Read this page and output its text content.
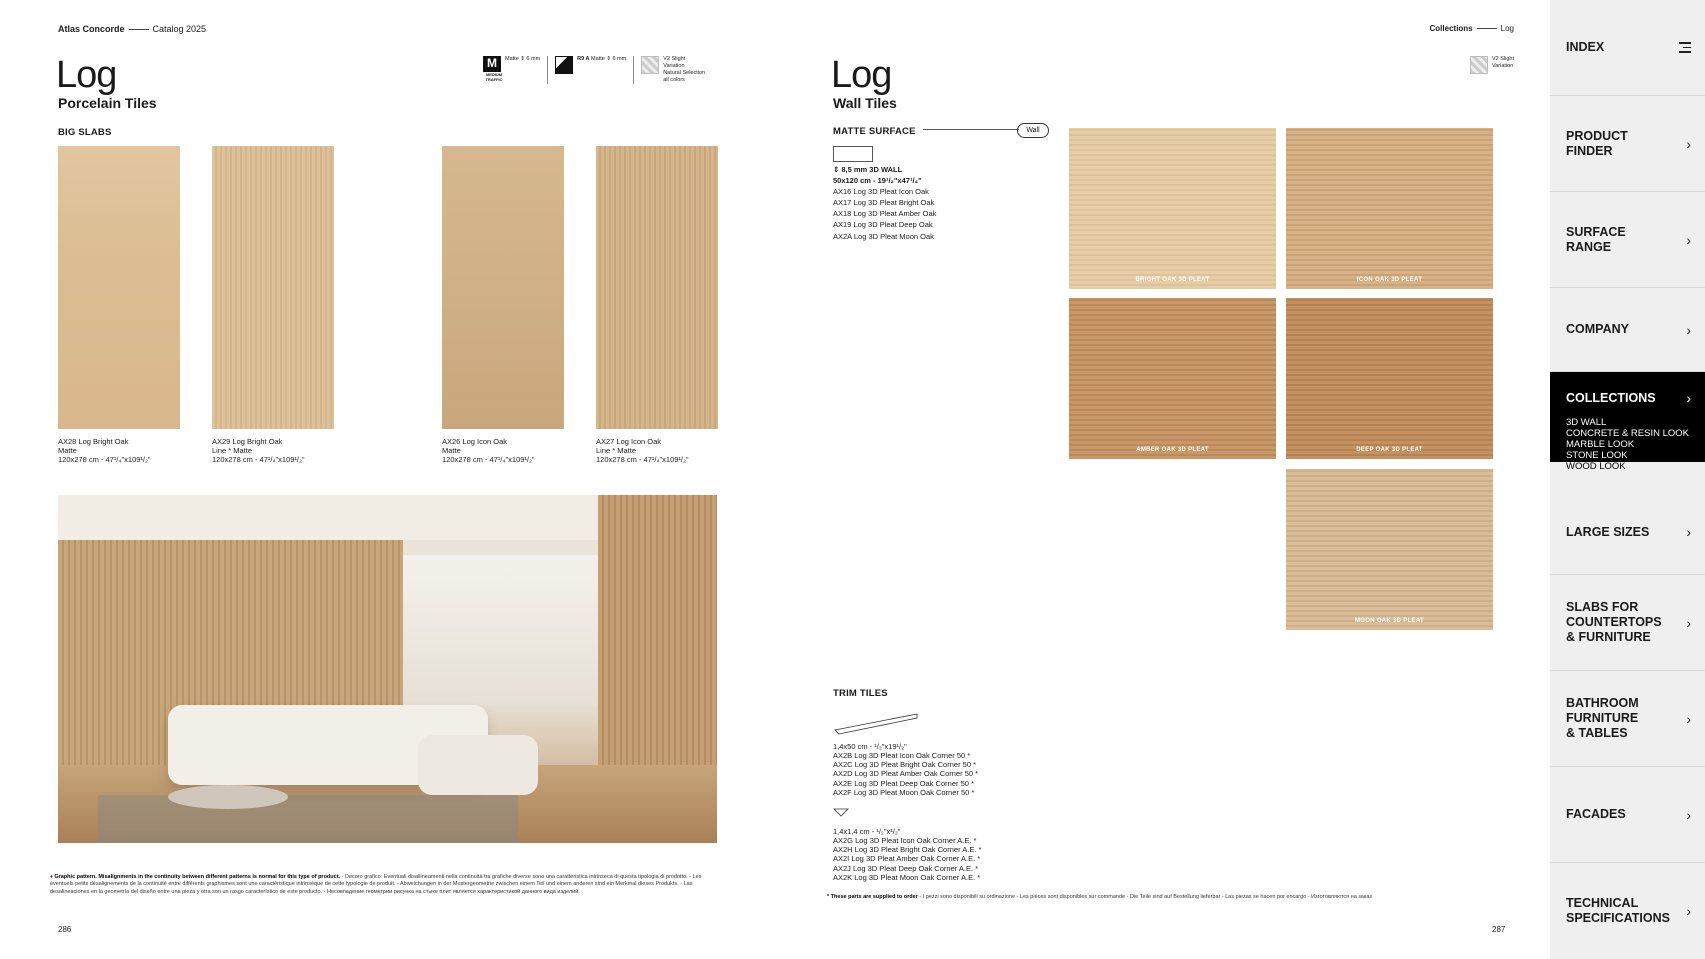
Atlas Concorde	Catalog 2025
Log
Porcelain Tiles
M
MEDIUM TRAFFIC
Matte ⇕ 6 mm	R9 A Matte ⇕ 6 mm	V2 Slight
Variation
Natural Selection
all colors
BIG SLABS
AX28 Log Bright Oak
Matte
120x278 cm - 47¹/₄"x109¹/₂"
AX29 Log Bright Oak
Line * Matte
120x278 cm - 47¹/₄"x109¹/₂"
AX26 Log Icon Oak
Matte
120x278 cm - 47¹/₄"x109¹/₂"
AX27 Log Icon Oak
Line * Matte
120x278 cm - 47¹/₄"x109¹/₂"
♦ Graphic pattern. Misalignments in the continuity between different patterns is normal for this type of product. - Decoro grafico: Eventuali disallineamenti nella continuità tra grafiche diverse sono una caratteristica intrinseca di questa tipologia di prodotto. - Les éventuels petits désalignements de la continuité entre différents graphismes sont une caractéristique intrinsèque de cette typologie de produit. - Abweichungen in der Mustergeometrie zwischen einem Teil und einem anderen sind ein Merkmal dieses Produkts. - Las desalineaciones en la geometría del diseño entre una pieza y otra son un rasgo característico de este producto. - Несовпадение геометрии рисунка на стыке плит является характеристикой данного вида изделий.
286
Collections	Log
Log
Wall Tiles
V2 Slight
Variation
MATTE SURFACE	Wall
⇕ 8,5 mm 3D WALL
50x120 cm - 19¹/₂"x47¹/₄"
AX16 Log 3D Pleat Icon Oak
AX17 Log 3D Pleat Bright Oak
AX18 Log 3D Pleat Amber Oak
AX19 Log 3D Pleat Deep Oak
AX2A Log 3D Pleat Moon Oak
BRIGHT OAK 3D PLEAT	ICON OAK 3D PLEAT
AMBER OAK 3D PLEAT	DEEP OAK 3D PLEAT
MOON OAK 3D PLEAT
TRIM TILES
1,4x50 cm - ¹/₂"x19¹/₂"
AX2B Log 3D Pleat Icon Oak Corner 50 *
AX2C Log 3D Pleat Bright Oak Corner 50 *
AX2D Log 3D Pleat Amber Oak Corner 50 *
AX2E Log 3D Pleat Deep Oak Corner 50 *
AX2F Log 3D Pleat Moon Oak Corner 50 *
1,4x1,4 cm - ¹/₂"x¹/₂"
AX2G Log 3D Pleat Icon Oak Corner A.E. *
AX2H Log 3D Pleat Bright Oak Corner A.E. *
AX2I Log 3D Pleat Amber Oak Corner A.E. *
AX2J Log 3D Pleat Deep Oak Corner A.E. *
AX2K Log 3D Pleat Moon Oak Corner A.E. *
* These parts are supplied to order - I pezzi sono disponibili su ordinazione - Les pièces sont disponibles sur commande - Die Teile sind auf Bestellung lieferbar - Las piezas se hacen por encargo - Изготовляются на заказ
287
INDEX
PRODUCT
FINDER	›
SURFACE
RANGE	›
COMPANY	›
COLLECTIONS ›
LARGE SIZES	›
SLABS FOR
COUNTERTOPS
& FURNITURE
›
BATHROOM
FURNITURE
& TABLES
›
FACADES	›
TECHNICAL
SPECIFICATIONS ›
3D WALL
CONCRETE & RESIN LOOK
MARBLE LOOK
STONE LOOK
WOOD LOOK
